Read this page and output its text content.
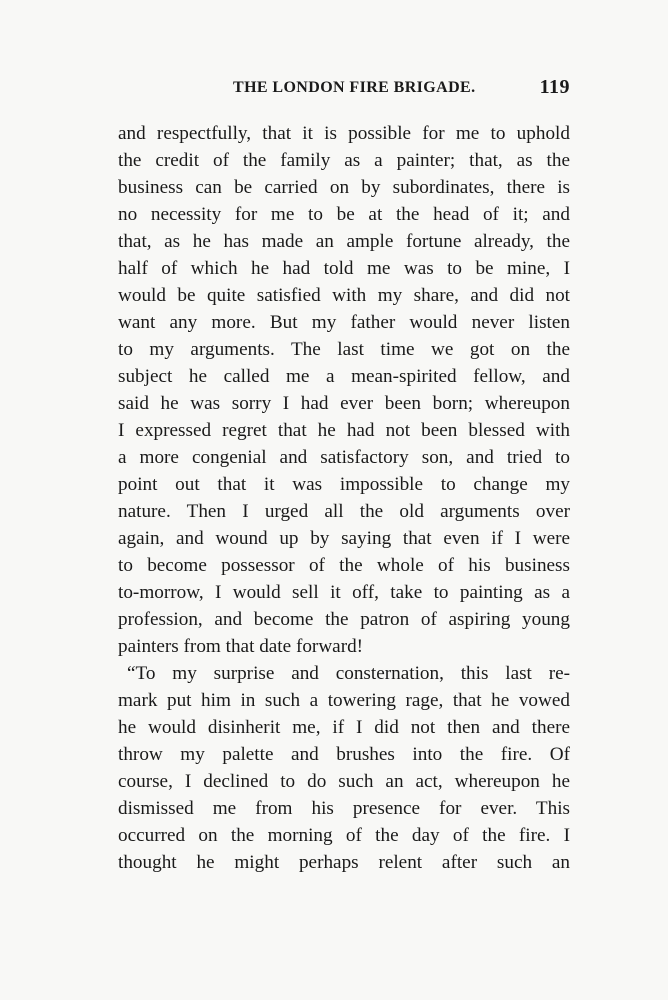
THE LONDON FIRE BRIGADE.	119
and respectfully, that it is possible for me to uphold
the credit of the family as a painter; that, as the
business can be carried on by subordinates, there is
no necessity for me to be at the head of it; and
that, as he has made an ample fortune already, the
half of which he had told me was to be mine, I
would be quite satisfied with my share, and did not
want any more. But my father would never listen
to my arguments. The last time we got on the
subject he called me a mean-spirited fellow, and
said he was sorry I had ever been born; whereupon
I expressed regret that he had not been blessed with
a more congenial and satisfactory son, and tried to
point out that it was impossible to change my
nature. Then I urged all the old arguments over
again, and wound up by saying that even if I were
to become possessor of the whole of his business
to-morrow, I would sell it off, take to painting as a
profession, and become the patron of aspiring young
painters from that date forward!
“To my surprise and consternation, this last re-
mark put him in such a towering rage, that he vowed
he would disinherit me, if I did not then and there
throw my palette and brushes into the fire. Of
course, I declined to do such an act, whereupon he
dismissed me from his presence for ever. This
occurred on the morning of the day of the fire. I
thought he might perhaps relent after such an
